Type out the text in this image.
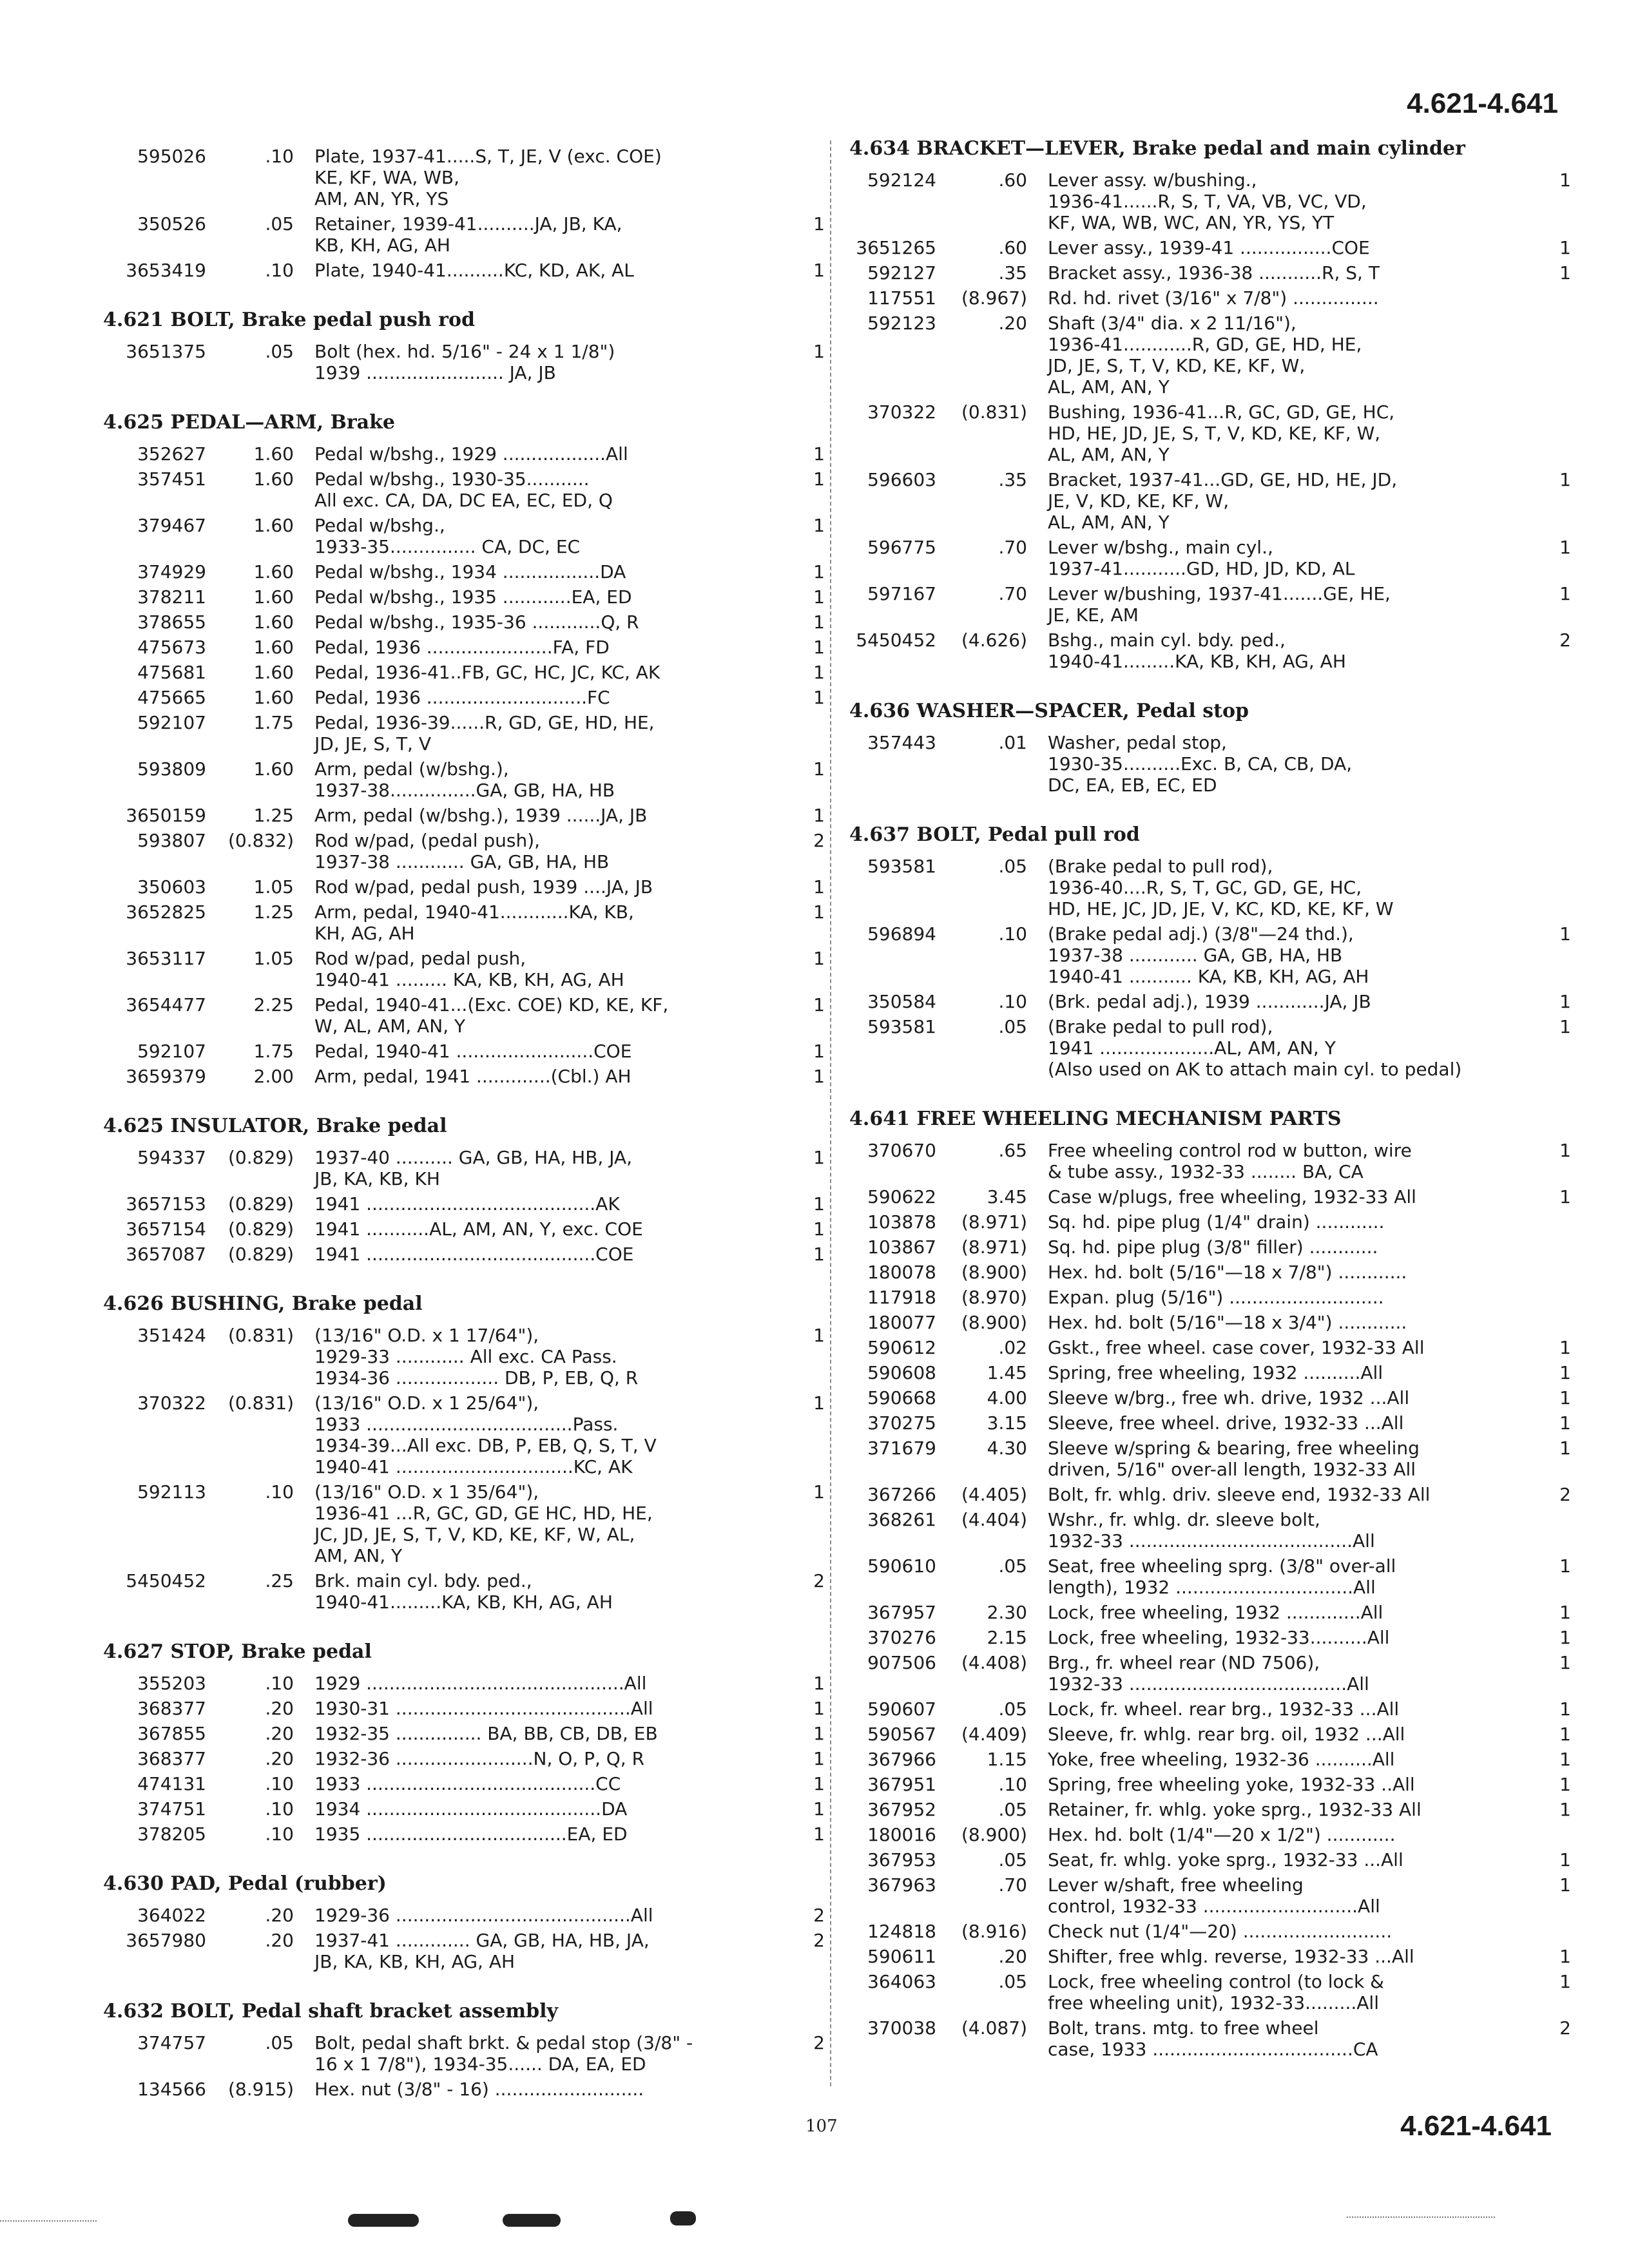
4.621-4.641
595026	.10	Plate, 1937-41.....S, T, JE, V (exc. COE)
KE, KF, WA, WB,
AM, AN, YR, YS
350526	.05	Retainer, 1939-41..........JA, JB, KA,
KB, KH, AG, AH
1
3653419	.10	Plate, 1940-41..........KC, KD, AK, AL	1
4.621 BOLT, Brake pedal push rod
3651375	.05	Bolt (hex. hd. 5/16" - 24 x 1 1/8")
1939 ........................ JA, JB
1
4.625 PEDAL—ARM, Brake
352627	1.60	Pedal w/bshg., 1929 ..................All	1
357451	1.60	Pedal w/bshg., 1930-35...........
All exc. CA, DA, DC EA, EC, ED, Q
1
379467	1.60	Pedal w/bshg.,
1933-35............... CA, DC, EC
1
374929	1.60	Pedal w/bshg., 1934 .................DA	1
378211	1.60	Pedal w/bshg., 1935 ............EA, ED	1
378655	1.60	Pedal w/bshg., 1935-36 ............Q, R	1
475673	1.60	Pedal, 1936 ......................FA, FD	1
475681	1.60	Pedal, 1936-41..FB, GC, HC, JC, KC, AK	1
475665	1.60	Pedal, 1936 ............................FC	1
592107	1.75	Pedal, 1936-39......R, GD, GE, HD, HE,
JD, JE, S, T, V
593809	1.60	Arm, pedal (w/bshg.),
1937-38...............GA, GB, HA, HB
1
3650159	1.25	Arm, pedal (w/bshg.), 1939 ......JA, JB	1
593807	(0.832)	Rod w/pad, (pedal push),
1937-38 ............ GA, GB, HA, HB
2
350603	1.05	Rod w/pad, pedal push, 1939 ....JA, JB	1
3652825	1.25	Arm, pedal, 1940-41............KA, KB,
KH, AG, AH
1
3653117	1.05	Rod w/pad, pedal push,
1940-41 ......... KA, KB, KH, AG, AH
1
3654477	2.25	Pedal, 1940-41...(Exc. COE) KD, KE, KF,
W, AL, AM, AN, Y
1
592107	1.75	Pedal, 1940-41 ........................COE	1
3659379	2.00	Arm, pedal, 1941 .............(Cbl.) AH	1
4.625 INSULATOR, Brake pedal
594337	(0.829)	1937-40 .......... GA, GB, HA, HB, JA,
JB, KA, KB, KH
1
3657153	(0.829)	1941 ........................................AK	1
3657154	(0.829)	1941 ...........AL, AM, AN, Y, exc. COE	1
3657087	(0.829)	1941 ........................................COE	1
4.626 BUSHING, Brake pedal
351424	(0.831)	(13/16" O.D. x 1 17/64"),
1929-33 ............ All exc. CA Pass.
1934-36 .................. DB, P, EB, Q, R
1
370322	(0.831)	(13/16" O.D. x 1 25/64"),
1933 ....................................Pass.
1934-39...All exc. DB, P, EB, Q, S, T, V
1940-41 ...............................KC, AK
1
592113	.10	(13/16" O.D. x 1 35/64"),
1936-41 ...R, GC, GD, GE HC, HD, HE,
JC, JD, JE, S, T, V, KD, KE, KF, W, AL,
AM, AN, Y
1
5450452	.25	Brk. main cyl. bdy. ped.,
1940-41.........KA, KB, KH, AG, AH
2
4.627 STOP, Brake pedal
355203	.10	1929 .............................................All	1
368377	.20	1930-31 .........................................All	1
367855	.20	1932-35 ............... BA, BB, CB, DB, EB	1
368377	.20	1932-36 ........................N, O, P, Q, R	1
474131	.10	1933 ........................................CC	1
374751	.10	1934 .........................................DA	1
378205	.10	1935 ...................................EA, ED	1
4.630 PAD, Pedal (rubber)
364022	.20	1929-36 .........................................All	2
3657980	.20	1937-41 ............. GA, GB, HA, HB, JA,
JB, KA, KB, KH, AG, AH
2
4.632 BOLT, Pedal shaft bracket assembly
374757	.05	Bolt, pedal shaft brkt. & pedal stop (3/8" -
16 x 1 7/8"), 1934-35...... DA, EA, ED
2
134566	(8.915)	Hex. nut (3/8" - 16) ..........................
4.634 BRACKET—LEVER, Brake pedal and main cylinder
592124	.60	Lever assy. w/bushing.,
1936-41......R, S, T, VA, VB, VC, VD,
KF, WA, WB, WC, AN, YR, YS, YT
1
3651265	.60	Lever assy., 1939-41 ................COE	1
592127	.35	Bracket assy., 1936-38 ...........R, S, T	1
117551	(8.967)	Rd. hd. rivet (3/16" x 7/8") ...............
592123	.20	Shaft (3/4" dia. x 2 11/16"),
1936-41............R, GD, GE, HD, HE,
JD, JE, S, T, V, KD, KE, KF, W,
AL, AM, AN, Y
370322	(0.831)	Bushing, 1936-41...R, GC, GD, GE, HC,
HD, HE, JD, JE, S, T, V, KD, KE, KF, W,
AL, AM, AN, Y
596603	.35	Bracket, 1937-41...GD, GE, HD, HE, JD,
JE, V, KD, KE, KF, W,
AL, AM, AN, Y
1
596775	.70	Lever w/bshg., main cyl.,
1937-41...........GD, HD, JD, KD, AL
1
597167	.70	Lever w/bushing, 1937-41.......GE, HE,
JE, KE, AM
1
5450452	(4.626)	Bshg., main cyl. bdy. ped.,
1940-41.........KA, KB, KH, AG, AH
2
4.636 WASHER—SPACER, Pedal stop
357443	.01	Washer, pedal stop,
1930-35..........Exc. B, CA, CB, DA,
DC, EA, EB, EC, ED
4.637 BOLT, Pedal pull rod
593581	.05	(Brake pedal to pull rod),
1936-40....R, S, T, GC, GD, GE, HC,
HD, HE, JC, JD, JE, V, KC, KD, KE, KF, W
596894	.10	(Brake pedal adj.) (3/8"—24 thd.),
1937-38 ............ GA, GB, HA, HB
1940-41 ........... KA, KB, KH, AG, AH
1
350584	.10	(Brk. pedal adj.), 1939 ............JA, JB	1
593581	.05	(Brake pedal to pull rod),
1941 ....................AL, AM, AN, Y
(Also used on AK to attach main cyl. to pedal)
1
4.641 FREE WHEELING MECHANISM PARTS
370670	.65	Free wheeling control rod w button, wire
& tube assy., 1932-33 ........ BA, CA
1
590622	3.45	Case w/plugs, free wheeling, 1932-33 All	1
103878	(8.971)	Sq. hd. pipe plug (1/4" drain) ............
103867	(8.971)	Sq. hd. pipe plug (3/8" filler) ............
180078	(8.900)	Hex. hd. bolt (5/16"—18 x 7/8") ............
117918	(8.970)	Expan. plug (5/16") ...........................
180077	(8.900)	Hex. hd. bolt (5/16"—18 x 3/4") ............
590612	.02	Gskt., free wheel. case cover, 1932-33 All	1
590608	1.45	Spring, free wheeling, 1932 ..........All	1
590668	4.00	Sleeve w/brg., free wh. drive, 1932 ...All	1
370275	3.15	Sleeve, free wheel. drive, 1932-33 ...All	1
371679	4.30	Sleeve w/spring & bearing, free wheeling
driven, 5/16" over-all length, 1932-33 All
1
367266	(4.405)	Bolt, fr. whlg. driv. sleeve end, 1932-33 All	2
368261	(4.404)	Wshr., fr. whlg. dr. sleeve bolt,
1932-33 .......................................All
590610	.05	Seat, free wheeling sprg. (3/8" over-all
length), 1932 ...............................All
1
367957	2.30	Lock, free wheeling, 1932 .............All	1
370276	2.15	Lock, free wheeling, 1932-33..........All	1
907506	(4.408)	Brg., fr. wheel rear (ND 7506),
1932-33 ......................................All
1
590607	.05	Lock, fr. wheel. rear brg., 1932-33 ...All	1
590567	(4.409)	Sleeve, fr. whlg. rear brg. oil, 1932 ...All	1
367966	1.15	Yoke, free wheeling, 1932-36 ..........All	1
367951	.10	Spring, free wheeling yoke, 1932-33 ..All	1
367952	.05	Retainer, fr. whlg. yoke sprg., 1932-33 All	1
180016	(8.900)	Hex. hd. bolt (1/4"—20 x 1/2") ............
367953	.05	Seat, fr. whlg. yoke sprg., 1932-33 ...All	1
367963	.70	Lever w/shaft, free wheeling
control, 1932-33 ...........................All
1
124818	(8.916)	Check nut (1/4"—20) ..........................
590611	.20	Shifter, free whlg. reverse, 1932-33 ...All	1
364063	.05	Lock, free wheeling control (to lock &
free wheeling unit), 1932-33.........All
1
370038	(4.087)	Bolt, trans. mtg. to free wheel
case, 1933 ...................................CA
2
107	4.621-4.641
